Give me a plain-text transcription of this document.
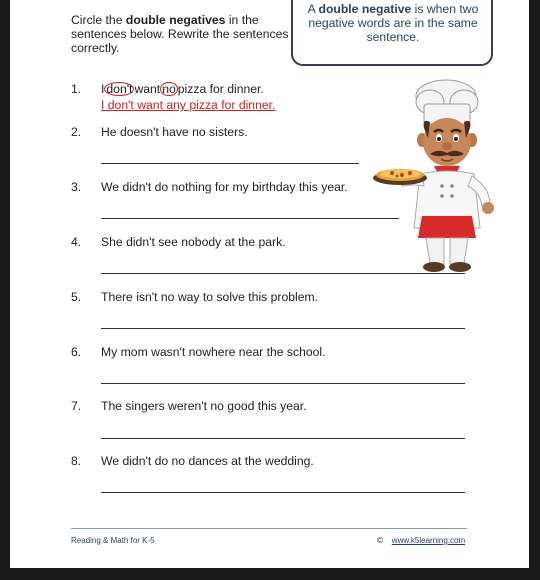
Circle the double negatives in the sentences below. Rewrite the sentences correctly.
A double negative is when two negative words are in the same sentence.
1. I don't want no pizza for dinner.
I don't want any pizza for dinner.
2. He doesn't have no sisters.
3. We didn't do nothing for my birthday this year.
4. She didn't see nobody at the park.
5. There isn't no way to solve this problem.
6. My mom wasn't nowhere near the school.
7. The singers weren't no good this year.
8. We didn't do no dances at the wedding.
Reading & Math for K-5	© www.k5learning.com
